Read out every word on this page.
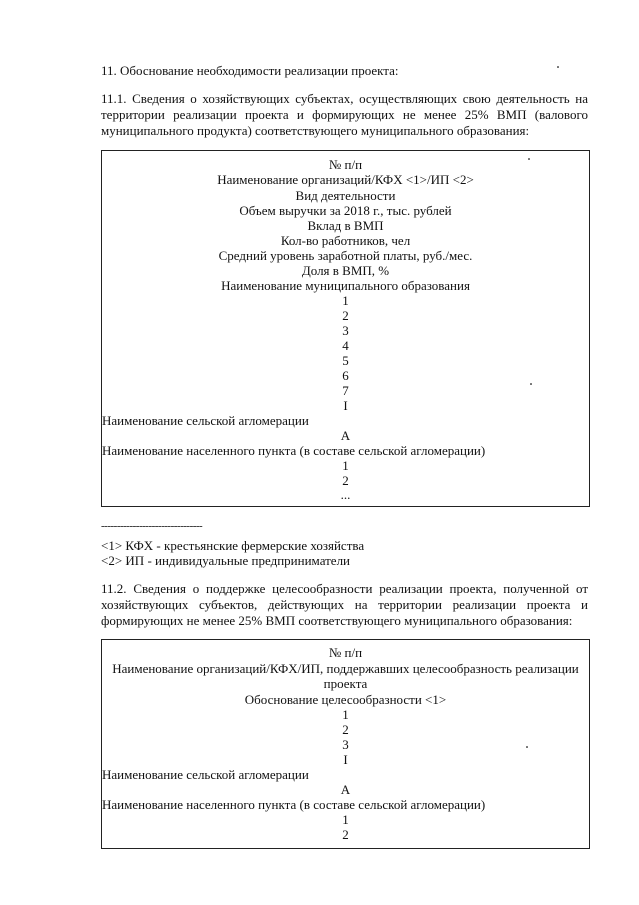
11. Обоснование необходимости реализации проекта:
11.1. Сведения о хозяйствующих субъектах, осуществляющих свою деятельность на
территории реализации проекта и формирующих не менее 25% ВМП (валового
муниципального продукта) соответствующего муниципального образования:
№ п/п
Наименование организаций/КФХ <1>/ИП <2>
Вид деятельности
Объем выручки за 2018 г., тыс. рублей
Вклад в ВМП
Кол-во работников, чел
Средний уровень заработной платы, руб./мес.
Доля в ВМП, %
Наименование муниципального образования
1
2
3
4
5
6
7
I
Наименование сельской агломерации
А
Наименование населенного пункта (в составе сельской агломерации)
1
2
...
--------------------------------
<1> КФХ - крестьянские фермерские хозяйства
<2> ИП - индивидуальные предприниматели
11.2. Сведения о поддержке целесообразности реализации проекта, полученной от
хозяйствующих субъектов, действующих на территории реализации проекта и
формирующих не менее 25% ВМП соответствующего муниципального образования:
№ п/п
Наименование организаций/КФХ/ИП, поддержавших целесообразность реализации
проекта
Обоснование целесообразности <1>
1
2
3
I
Наименование сельской агломерации
А
Наименование населенного пункта (в составе сельской агломерации)
1
2
